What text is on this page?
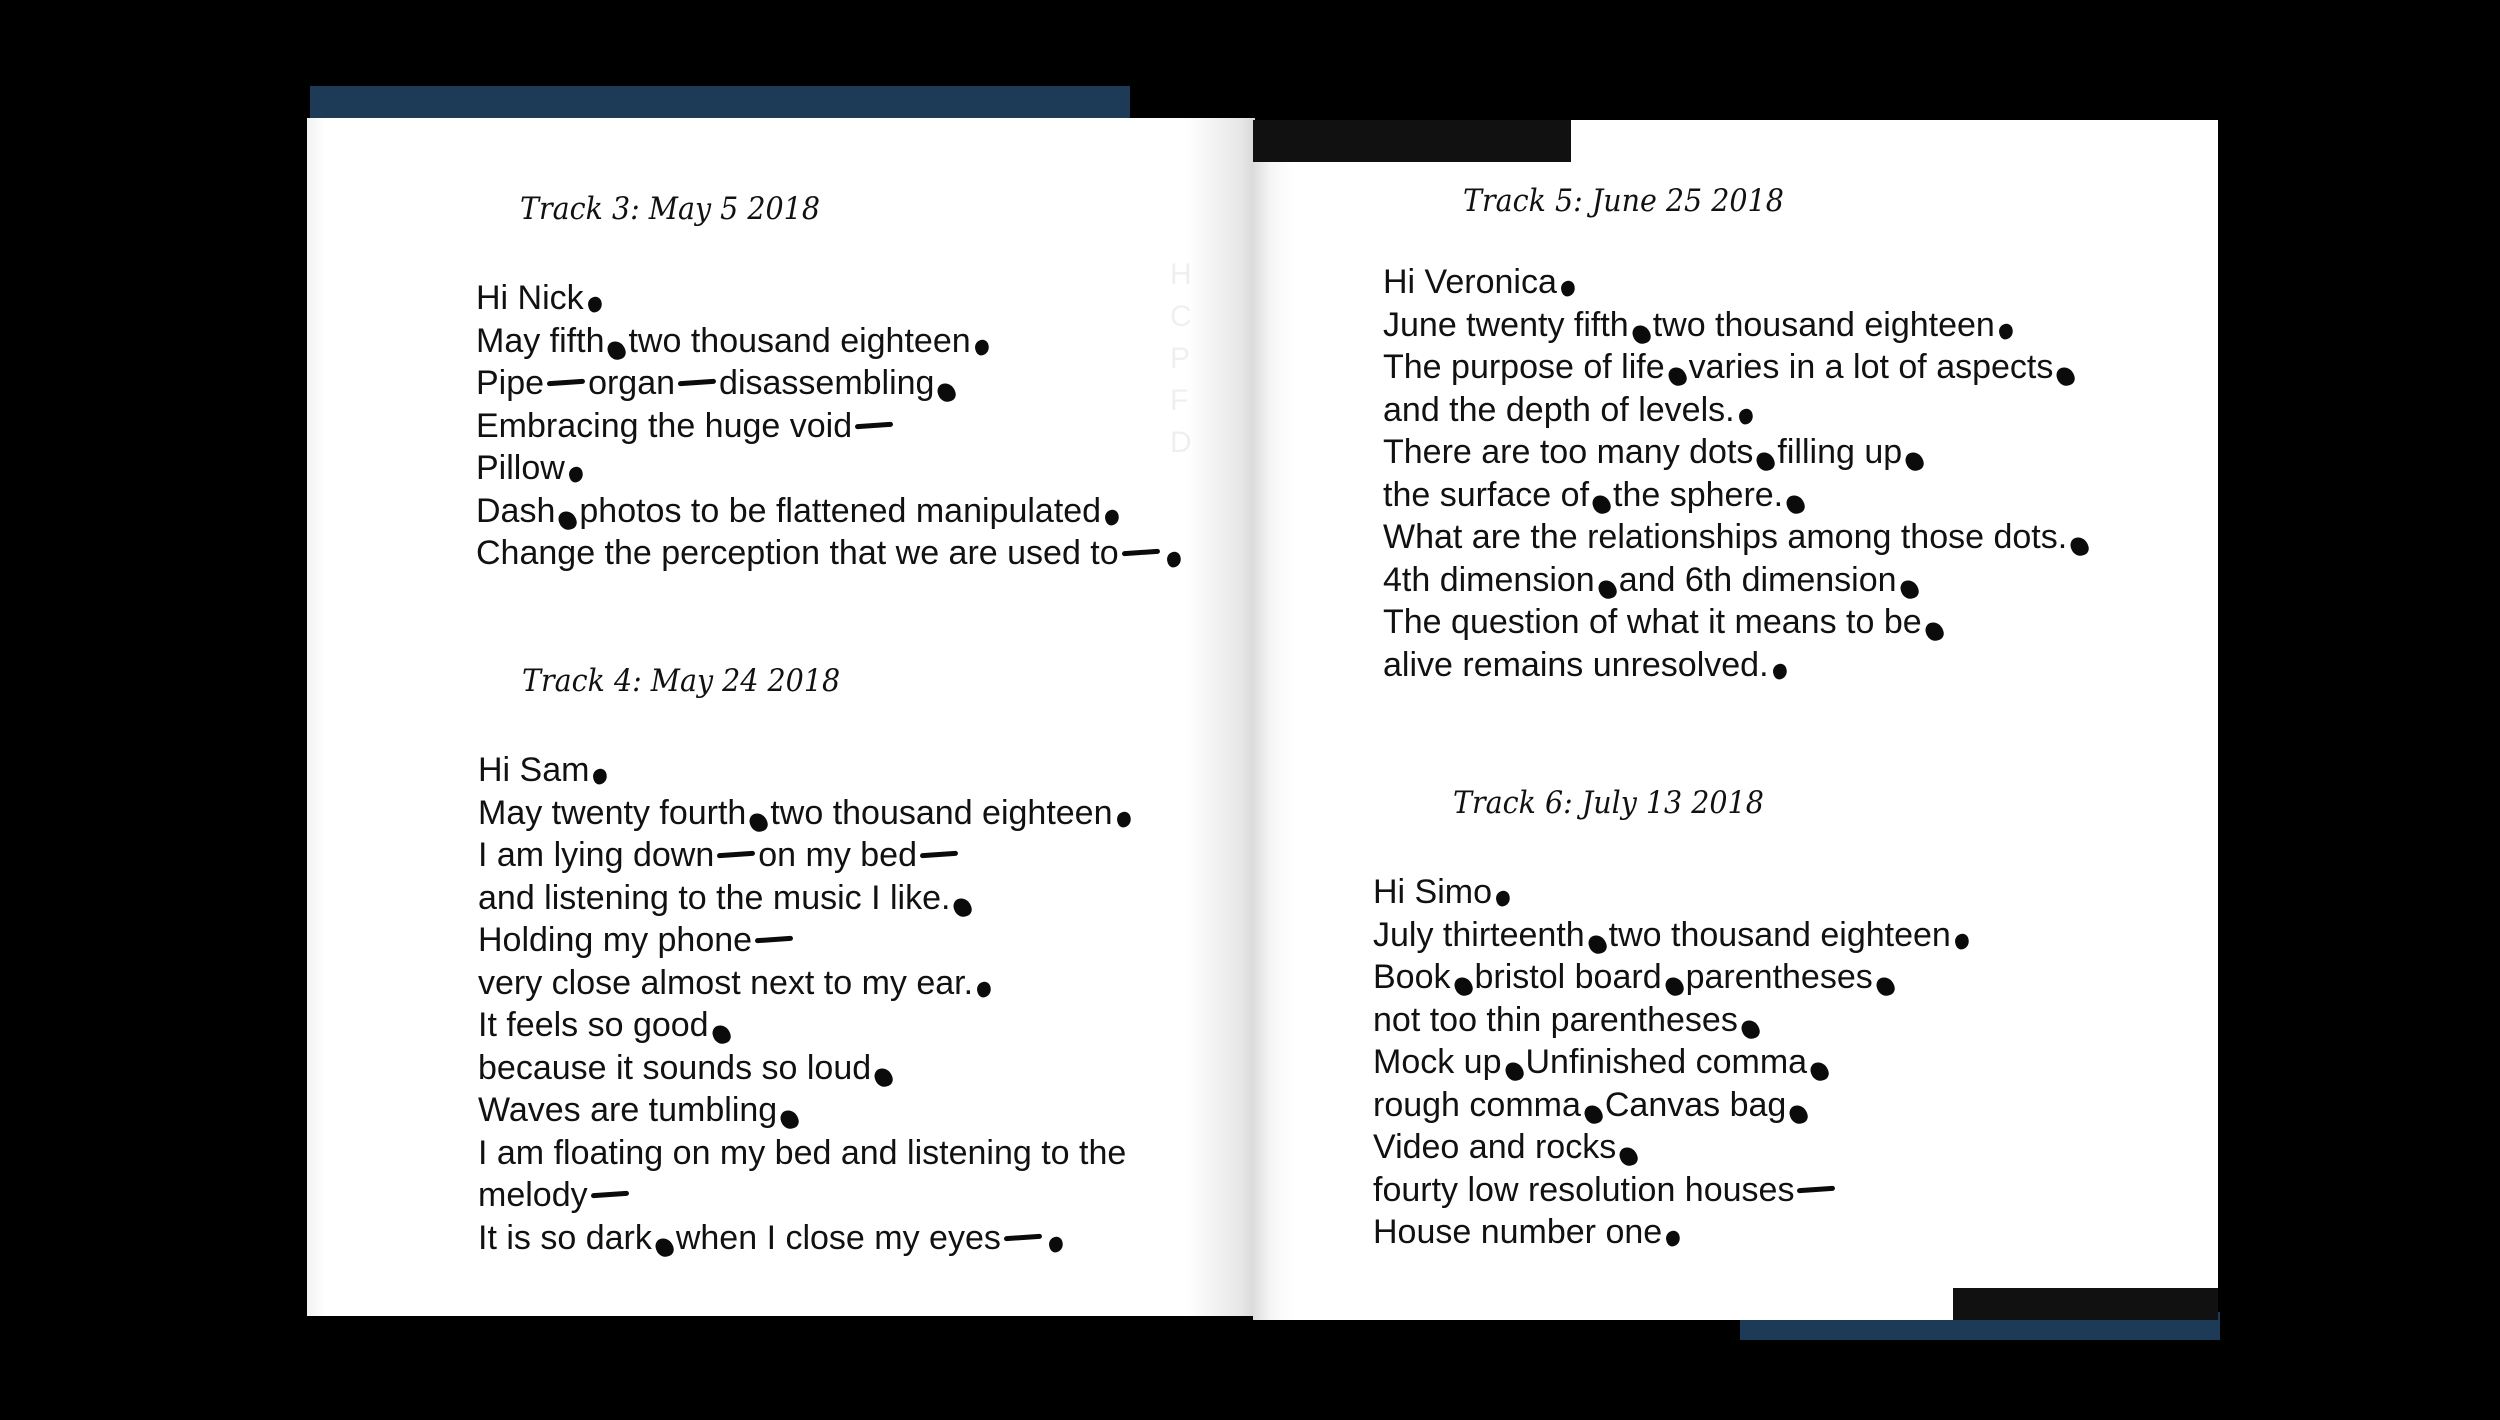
H
C
P
F
D
Track 3: May 5 2018
Hi Nick
May fifth two thousand eighteen
Pipe organ disassembling
Embracing the huge void
Pillow
Dash photos to be flattened manipulated
Change the perception that we are used to
Track 4: May 24 2018
Hi Sam
May twenty fourth two thousand eighteen
I am lying down on my bed
and listening to the music I like.
Holding my phone
very close almost next to my ear.
It feels so good
because it sounds so loud
Waves are tumbling
I am floating on my bed and listening to the
melody
It is so dark when I close my eyes
Track 5: June 25 2018
Hi Veronica
June twenty fifth two thousand eighteen
The purpose of life varies in a lot of aspects
and the depth of levels.
There are too many dots filling up
the surface of the sphere.
What are the relationships among those dots.
4th dimension and 6th dimension
The question of what it means to be
alive remains unresolved.
Track 6: July 13 2018
Hi Simo
July thirteenth two thousand eighteen
Book bristol board parentheses
not too thin parentheses
Mock up Unfinished comma
rough comma Canvas bag
Video and rocks
fourty low resolution houses
House number one
